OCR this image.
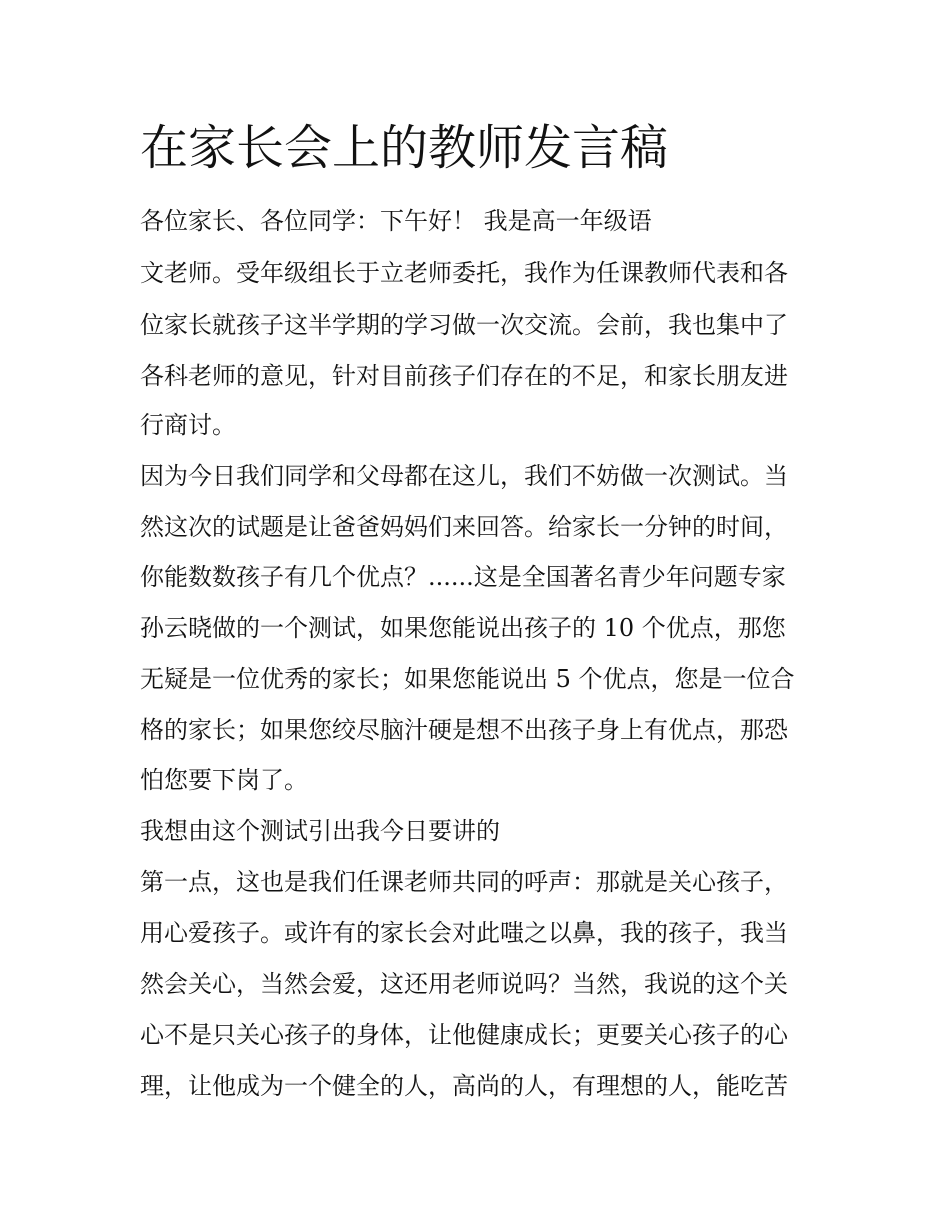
在家长会上的教师发言稿
各位家长、各位同学：下午好！ 我是高一年级语
文老师。受年级组长于立老师委托，我作为任课教师代表和各
位家长就孩子这半学期的学习做一次交流。会前，我也集中了
各科老师的意见，针对目前孩子们存在的不足，和家长朋友进
行商讨。
因为今日我们同学和父母都在这儿，我们不妨做一次测试。当
然这次的试题是让爸爸妈妈们来回答。给家长一分钟的时间，
你能数数孩子有几个优点？......这是全国著名青少年问题专家
孙云晓做的一个测试，如果您能说出孩子的 10 个优点，那您
无疑是一位优秀的家长；如果您能说出 5 个优点，您是一位合
格的家长；如果您绞尽脑汁硬是想不出孩子身上有优点，那恐
怕您要下岗了。
我想由这个测试引出我今日要讲的
第一点，这也是我们任课老师共同的呼声：那就是关心孩子，
用心爱孩子。或许有的家长会对此嗤之以鼻，我的孩子，我当
然会关心，当然会爱，这还用老师说吗？当然，我说的这个关
心不是只关心孩子的身体，让他健康成长；更要关心孩子的心
理，让他成为一个健全的人，高尚的人，有理想的人，能吃苦
